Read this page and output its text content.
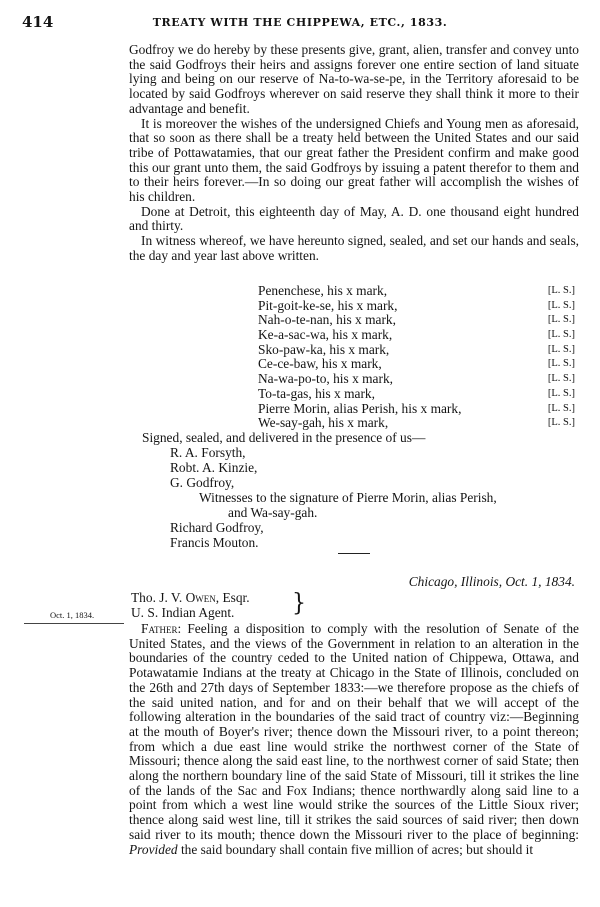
414	TREATY WITH THE CHIPPEWA, ETC., 1833.

Godfroy we do hereby by these presents give, grant, alien, transfer and convey unto the said Godfroys their heirs and assigns forever one entire section of land situate lying and being on our reserve of Na-to-wa-se-pe, in the Territory aforesaid to be located by said Godfroys wherever on said reserve they shall think it more to their advantage and benefit.

It is moreover the wishes of the undersigned Chiefs and Young men as aforesaid, that so soon as there shall be a treaty held between the United States and our said tribe of Pottawatamies, that our great father the President confirm and make good this our grant unto them, the said Godfroys by issuing a patent therefor to them and to their heirs forever.—In so doing our great father will accomplish the wishes of his children.

Done at Detroit, this eighteenth day of May, A. D. one thousand eight hundred and thirty.

In witness whereof, we have hereunto signed, sealed, and set our hands and seals, the day and year last above written.

Penenchese, his x mark,	[L. S.]
Pit-goit-ke-se, his x mark,	[L. S.]
Nah-o-te-nan, his x mark,	[L. S.]
Ke-a-sac-wa, his x mark,	[L. S.]
Sko-paw-ka, his x mark,	[L. S.]
Ce-ce-baw, his x mark,	[L. S.]
Na-wa-po-to, his x mark,	[L. S.]
To-ta-gas, his x mark,	[L. S.]
Pierre Morin, alias Perish, his x mark,	[L. S.]
We-say-gah, his x mark,	[L. S.]
Signed, sealed, and delivered in the presence of us—
R. A. Forsyth,
Robt. A. Kinzie,
G. Godfroy,
Witnesses to the signature of Pierre Morin, alias Perish,
and Wa-say-gah.
Richard Godfroy,
Francis Mouton.
Chicago, Illinois, Oct. 1, 1834.
Tho. J. V. Owen, Esqr.
U. S. Indian Agent.	}
Oct. 1, 1834.

Father: Feeling a disposition to comply with the resolution of Senate of the United States, and the views of the Government in relation to an alteration in the boundaries of the country ceded to the United nation of Chippewa, Ottawa, and Potawatamie Indians at the treaty at Chicago in the State of Illinois, concluded on the 26th and 27th days of September 1833:—we therefore propose as the chiefs of the said united nation, and for and on their behalf that we will accept of the following alteration in the boundaries of the said tract of country viz:—Beginning at the mouth of Boyer's river; thence down the Missouri river, to a point thereon; from which a due east line would strike the northwest corner of the State of Missouri; thence along the said east line, to the northwest corner of said State; then along the northern boundary line of the said State of Missouri, till it strikes the line of the lands of the Sac and Fox Indians; thence northwardly along said line to a point from which a west line would strike the sources of the Little Sioux river; thence along said west line, till it strikes the said sources of said river; then down said river to its mouth; thence down the Missouri river to the place of beginning: Provided the said boundary shall contain five million of acres; but should it
